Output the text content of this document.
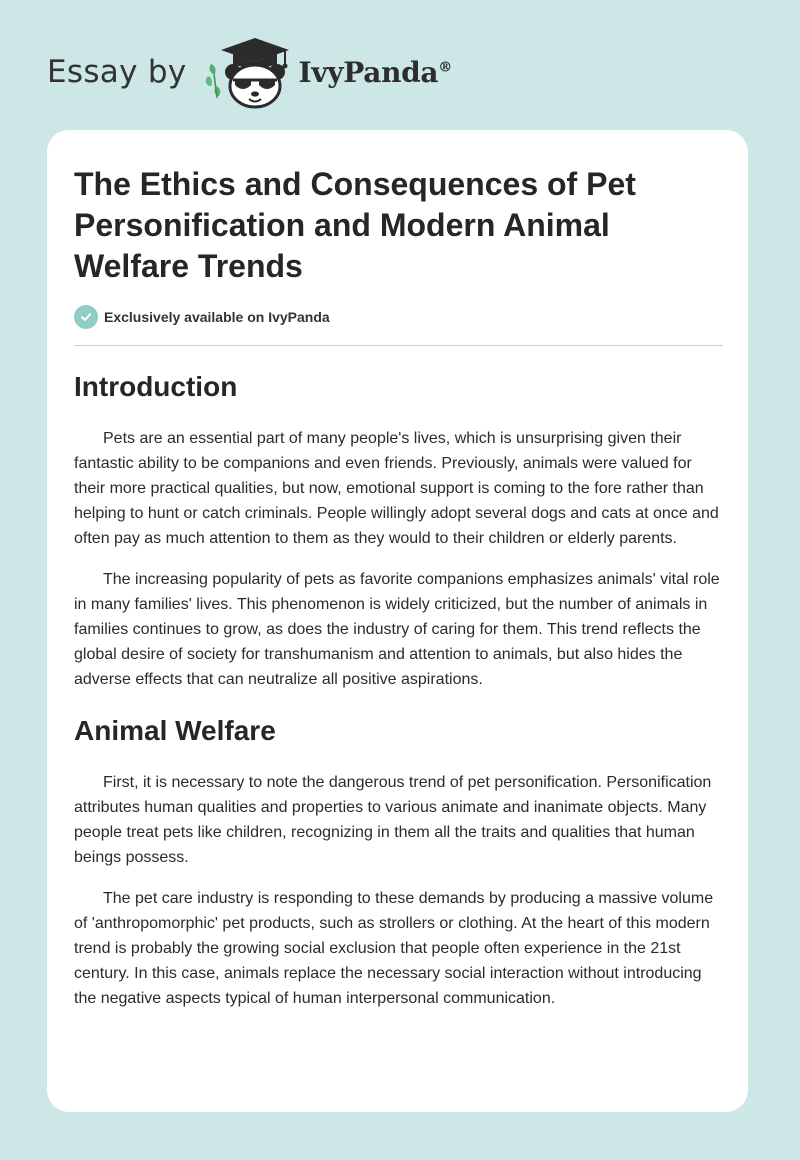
Essay by	IvyPanda®
The Ethics and Consequences of Pet Personification and Modern Animal Welfare Trends
Exclusively available on IvyPanda
Introduction

Pets are an essential part of many people's lives, which is unsurprising given their fantastic ability to be companions and even friends. Previously, animals were valued for their more practical qualities, but now, emotional support is coming to the fore rather than helping to hunt or catch criminals. People willingly adopt several dogs and cats at once and often pay as much attention to them as they would to their children or elderly parents.

The increasing popularity of pets as favorite companions emphasizes animals' vital role in many families' lives. This phenomenon is widely criticized, but the number of animals in families continues to grow, as does the industry of caring for them. This trend reflects the global desire of society for transhumanism and attention to animals, but also hides the adverse effects that can neutralize all positive aspirations.

Animal Welfare

First, it is necessary to note the dangerous trend of pet personification. Personification attributes human qualities and properties to various animate and inanimate objects. Many people treat pets like children, recognizing in them all the traits and qualities that human beings possess.

The pet care industry is responding to these demands by producing a massive volume of 'anthropomorphic' pet products, such as strollers or clothing. At the heart of this modern trend is probably the growing social exclusion that people often experience in the 21st century. In this case, animals replace the necessary social interaction without introducing the negative aspects typical of human interpersonal communication.
